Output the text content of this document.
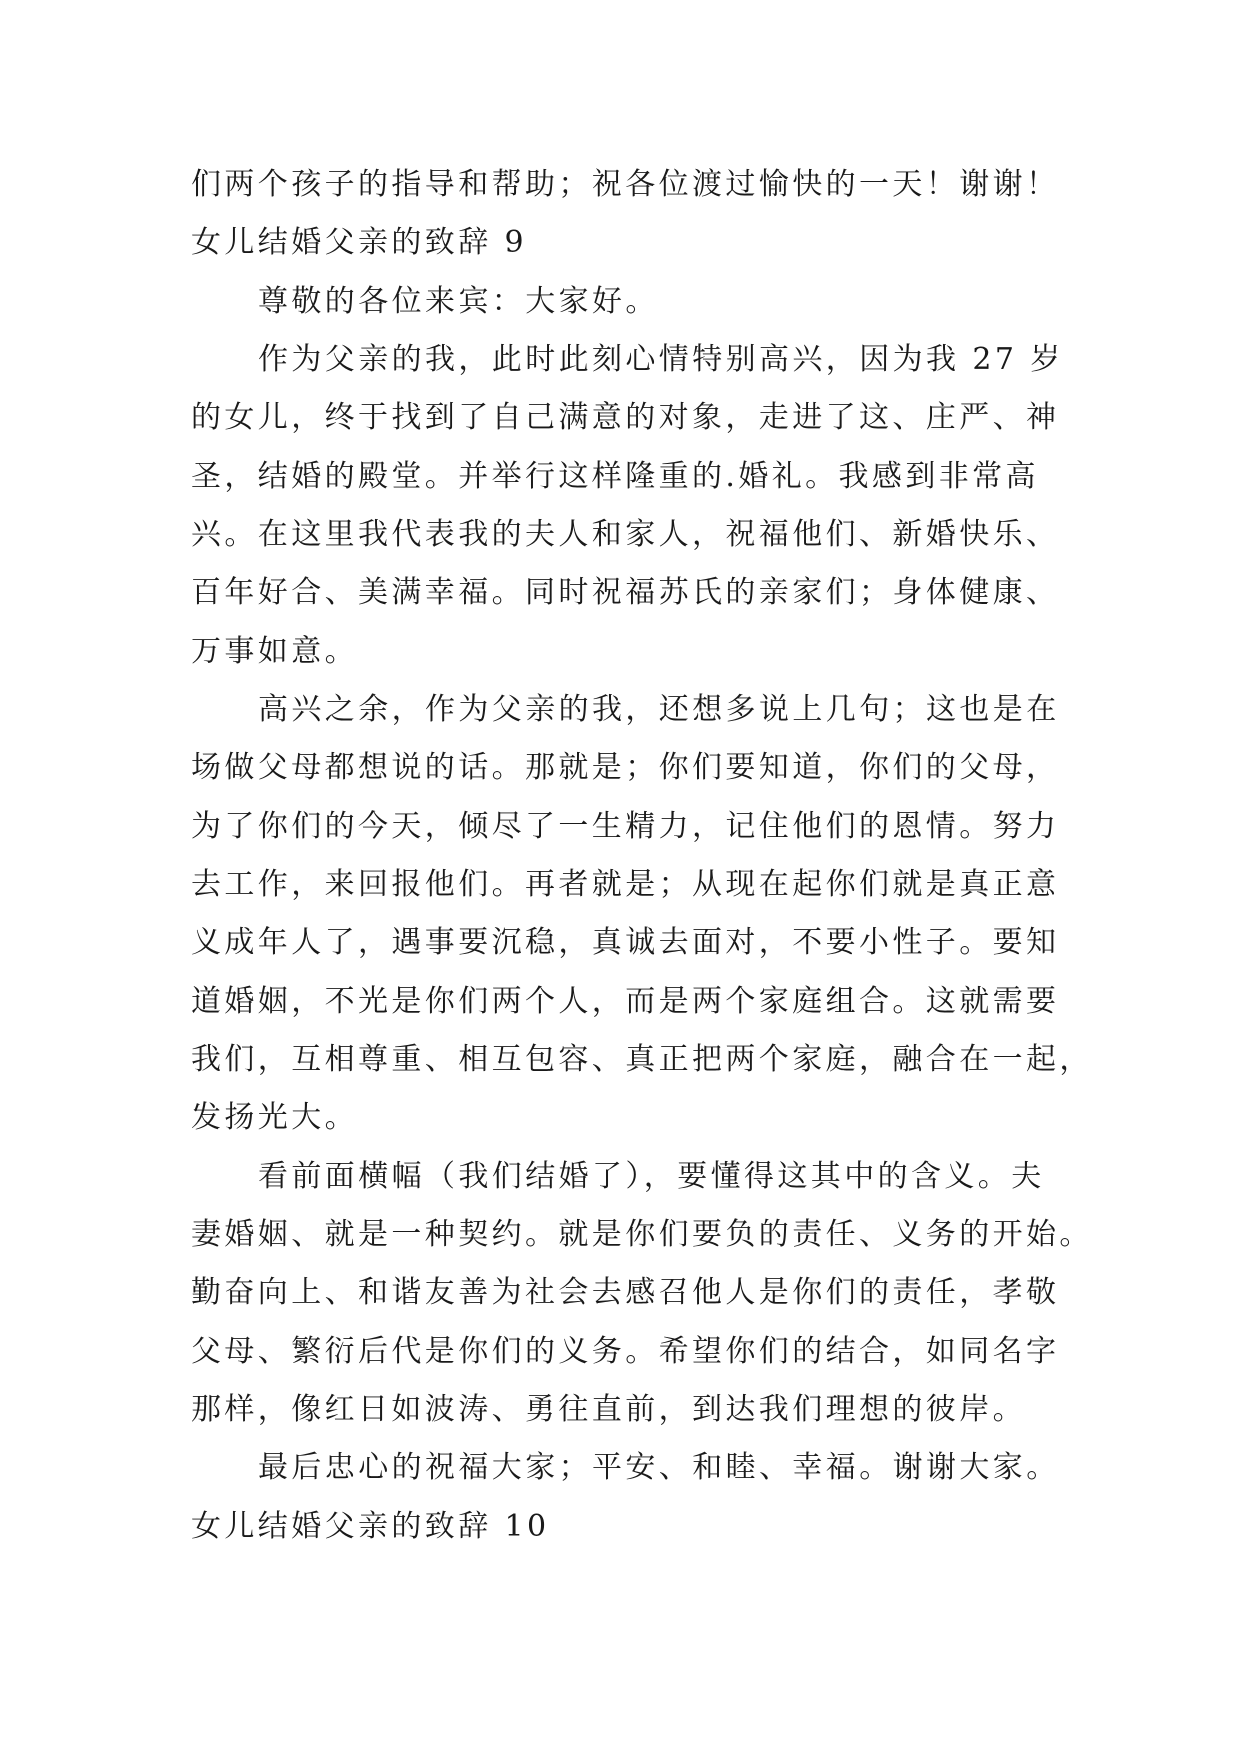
们两个孩子的指导和帮助；祝各位渡过愉快的一天！谢谢！
女儿结婚父亲的致辞 9
尊敬的各位来宾：大家好。
作为父亲的我，此时此刻心情特别高兴，因为我 27 岁
的女儿，终于找到了自己满意的对象，走进了这、庄严、神
圣，结婚的殿堂。并举行这样隆重的.婚礼。我感到非常高
兴。在这里我代表我的夫人和家人，祝福他们、新婚快乐、
百年好合、美满幸福。同时祝福苏氏的亲家们；身体健康、
万事如意。
高兴之余，作为父亲的我，还想多说上几句；这也是在
场做父母都想说的话。那就是；你们要知道，你们的父母，
为了你们的今天，倾尽了一生精力，记住他们的恩情。努力
去工作，来回报他们。再者就是；从现在起你们就是真正意
义成年人了，遇事要沉稳，真诚去面对，不要小性子。要知
道婚姻，不光是你们两个人，而是两个家庭组合。这就需要
我们，互相尊重、相互包容、真正把两个家庭，融合在一起，
发扬光大。
看前面横幅（我们结婚了），要懂得这其中的含义。夫
妻婚姻、就是一种契约。就是你们要负的责任、义务的开始。
勤奋向上、和谐友善为社会去感召他人是你们的责任，孝敬
父母、繁衍后代是你们的义务。希望你们的结合，如同名字
那样，像红日如波涛、勇往直前，到达我们理想的彼岸。
最后忠心的祝福大家；平安、和睦、幸福。谢谢大家。
女儿结婚父亲的致辞 10
